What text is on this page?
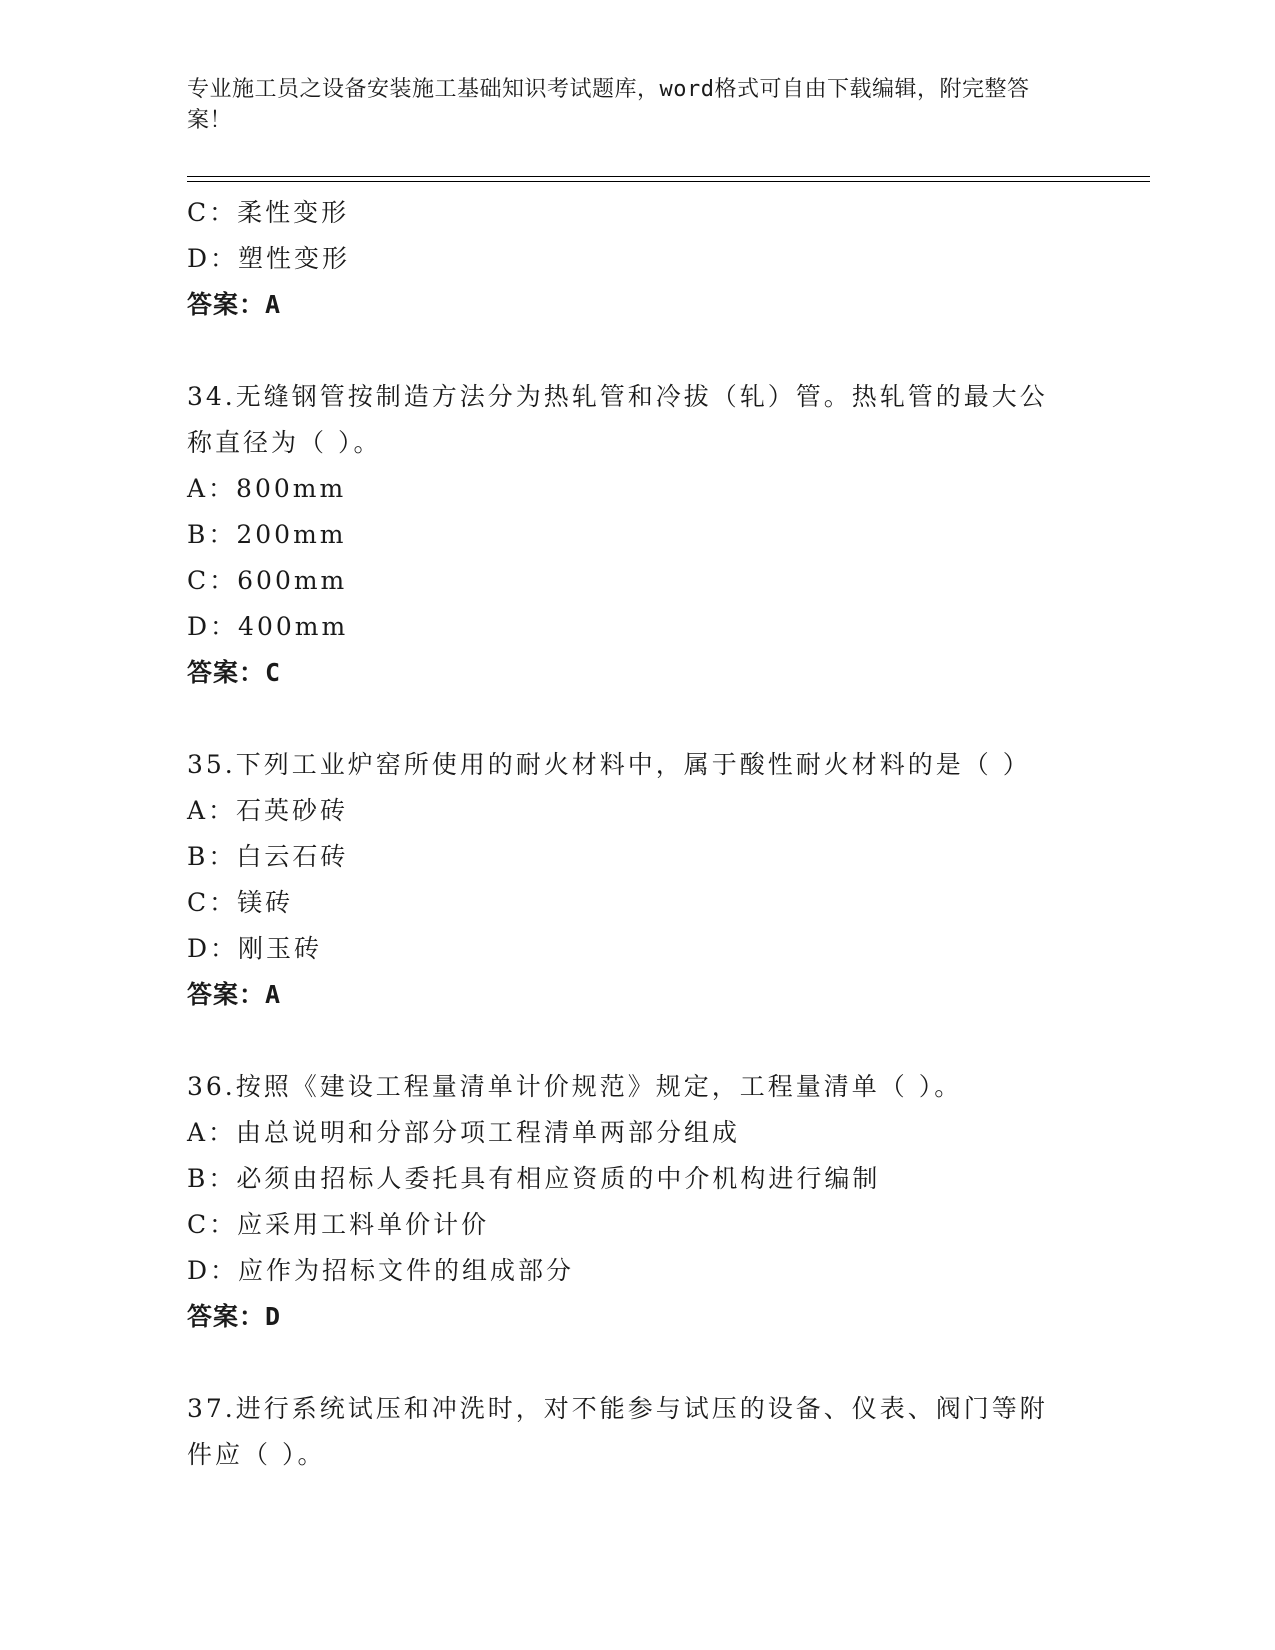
专业施工员之设备安装施工基础知识考试题库，word格式可自由下载编辑，附完整答案！
C：柔性变形
D：塑性变形
答案：A
34.无缝钢管按制造方法分为热轧管和冷拔（轧）管。热轧管的最大公称直径为（ ）。
A：800mm
B：200mm
C：600mm
D：400mm
答案：C
35.下列工业炉窑所使用的耐火材料中，属于酸性耐火材料的是（ ）
A：石英砂砖
B：白云石砖
C：镁砖
D：刚玉砖
答案：A
36.按照《建设工程量清单计价规范》规定，工程量清单（ ）。
A：由总说明和分部分项工程清单两部分组成
B：必须由招标人委托具有相应资质的中介机构进行编制
C：应采用工料单价计价
D：应作为招标文件的组成部分
答案：D
37.进行系统试压和冲洗时，对不能参与试压的设备、仪表、阀门等附件应（ ）。
